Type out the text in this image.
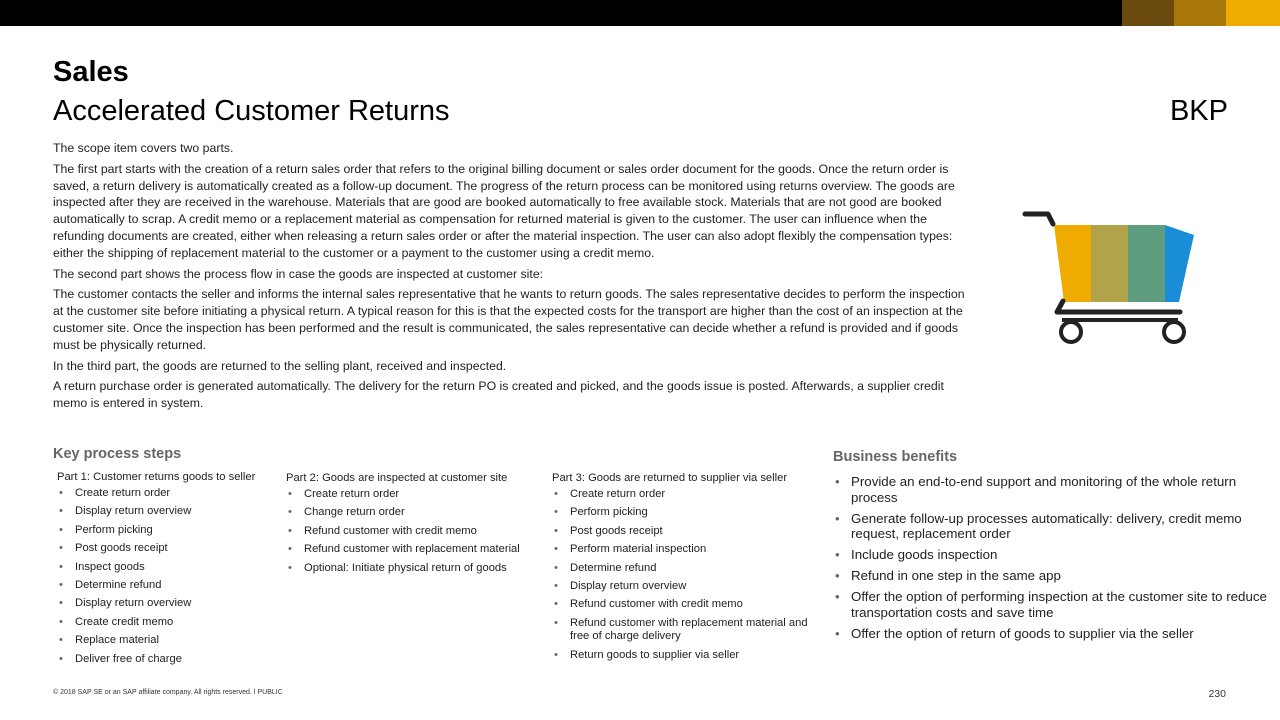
Sales
Accelerated Customer Returns	BKP

The scope item covers two parts.

The first part starts with the creation of a return sales order that refers to the original billing document or sales order document for the goods. Once the return order is saved, a return delivery is automatically created as a follow-up document. The progress of the return process can be monitored using returns overview. The goods are inspected after they are received in the warehouse. Materials that are good are booked automatically to free available stock. Materials that are not good are booked automatically to scrap. A credit memo or a replacement material as compensation for returned material is given to the customer. The user can influence when the refunding documents are created, either when releasing a return sales order or after the material inspection. The user can also adopt flexibly the compensation types: either the shipping of replacement material to the customer or a payment to the customer using a credit memo.

The second part shows the process flow in case the goods are inspected at customer site:

The customer contacts the seller and informs the internal sales representative that he wants to return goods. The sales representative decides to perform the inspection at the customer site before initiating a physical return. A typical reason for this is that the expected costs for the transport are higher than the cost of an inspection at the customer site. Once the inspection has been performed and the result is communicated, the sales representative can decide whether a refund is provided and if goods must be physically returned.

In the third part, the goods are returned to the selling plant, received and inspected.

A return purchase order is generated automatically. The delivery for the return PO is created and picked, and the goods issue is posted. Afterwards, a supplier credit memo is entered in system.

Key process steps
Part 1: Customer returns goods to seller
• Create return order
• Display return overview
• Perform picking
• Post goods receipt
• Inspect goods
• Determine refund
• Display return overview
• Create credit memo
• Replace material
• Deliver free of charge
Part 2: Goods are inspected at customer site
• Create return order
• Change return order
• Refund customer with credit memo
• Refund customer with replacement material
• Optional: Initiate physical return of goods
Part 3: Goods are returned to supplier via seller
• Create return order
• Perform picking
• Post goods receipt
• Perform material inspection
• Determine refund
• Display return overview
• Refund customer with credit memo
• Refund customer with replacement material and free of charge delivery
• Return goods to supplier via seller
Business benefits
• Provide an end-to-end support and monitoring of the whole return process
• Generate follow-up processes automatically: delivery, credit memo request, replacement order
• Include goods inspection
• Refund in one step in the same app
• Offer the option of performing inspection at the customer site to reduce transportation costs and save time
• Offer the option of return of goods to supplier via the seller
© 2018 SAP SE or an SAP affiliate company. All rights reserved. ǀ PUBLIC	230
